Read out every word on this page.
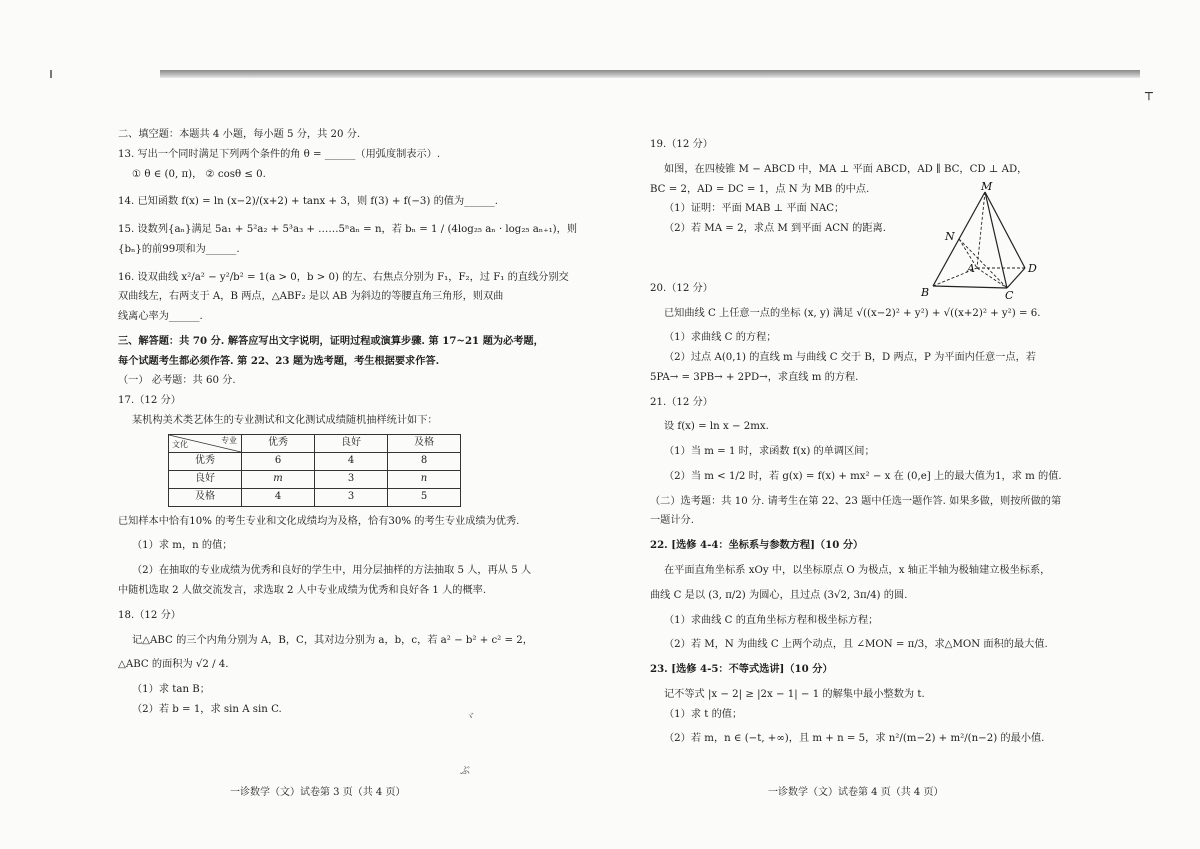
┬

二、填空题：本题共 4 小题，每小题 5 分，共 20 分.

13. 写出一个同时满足下列两个条件的角 θ = ______（用弧度制表示）.

① θ ∈ (0, π)， ② cosθ ≤ 0.

14. 已知函数 f(x) = ln (x−2)/(x+2) + tanx + 3，则 f(3) + f(−3) 的值为______.

15. 设数列{aₙ}满足 5a₁ + 5²a₂ + 5³a₃ + ……5ⁿaₙ = n，若 bₙ = 1 / (4log₂₅ aₙ · log₂₅ aₙ₊₁)，则

{bₙ}的前99项和为______.

16. 设双曲线 x²/a² − y²/b² = 1(a > 0，b > 0) 的左、右焦点分别为 F₁，F₂，过 F₁ 的直线分别交

双曲线左，右两支于 A，B 两点，△ABF₂ 是以 AB 为斜边的等腰直角三角形，则双曲

线离心率为______.

三、解答题：共 70 分. 解答应写出文字说明，证明过程或演算步骤. 第 17~21 题为必考题，

每个试题考生都必须作答. 第 22、23 题为选考题，考生根据要求作答.

（一） 必考题：共 60 分.

17.（12 分）

某机构美术类艺体生的专业测试和文化测试成绩随机抽样统计如下：

专业
文化	优秀	良好	及格
优秀	6	4	8
良好	m	3	n
及格	4	3	5

已知样本中恰有10% 的考生专业和文化成绩均为及格，恰有30% 的考生专业成绩为优秀.

（1）求 m，n 的值；

（2）在抽取的专业成绩为优秀和良好的学生中，用分层抽样的方法抽取 5 人，再从 5 人

中随机选取 2 人做交流发言，求选取 2 人中专业成绩为优秀和良好各 1 人的概率.

18.（12 分）

记△ABC 的三个内角分别为 A，B，C，其对边分别为 a，b，c，若 a² − b² + c² = 2，

△ABC 的面积为 √2 / 4.

（1）求 tan B；

（2）若 b = 1，求 sin A sin C.

ヾ
ぶ
一诊数学（文）试卷第 3 页（共 4 页）

19.（12 分）

如图，在四棱锥 M − ABCD 中，MA ⊥ 平面 ABCD，AD ∥ BC，CD ⊥ AD，

BC = 2，AD = DC = 1，点 N 为 MB 的中点.

（1）证明：平面 MAB ⊥ 平面 NAC；

（2）若 MA = 2，求点 M 到平面 ACN 的距离.

20.（12 分）

已知曲线 C 上任意一点的坐标 (x, y) 满足 √((x−2)² + y²) + √((x+2)² + y²) = 6.

（1）求曲线 C 的方程；

（2）过点 A(0,1) 的直线 m 与曲线 C 交于 B，D 两点，P 为平面内任意一点，若

5PA→ = 3PB→ + 2PD→，求直线 m 的方程.

21.（12 分）

设 f(x) = ln x − 2mx.

（1）当 m = 1 时，求函数 f(x) 的单调区间；

（2）当 m < 1/2 时，若 g(x) = f(x) + mx² − x 在 (0,e] 上的最大值为1，求 m 的值.

（二）选考题：共 10 分. 请考生在第 22、23 题中任选一题作答. 如果多做，则按所做的第

一题计分.

22. [选修 4-4：坐标系与参数方程]（10 分）

在平面直角坐标系 xOy 中，以坐标原点 O 为极点，x 轴正半轴为极轴建立极坐标系，

曲线 C 是以 (3, π/2) 为圆心，且过点 (3√2, 3π/4) 的圆.

（1）求曲线 C 的直角坐标方程和极坐标方程；

（2）若 M，N 为曲线 C 上两个动点，且 ∠MON = π/3，求△MON 面积的最大值.

23. [选修 4-5：不等式选讲]（10 分）

记不等式 |x − 2| ≥ |2x − 1| − 1 的解集中最小整数为 t.

（1）求 t 的值；

（2）若 m，n ∈ (−t, +∞)，且 m + n = 5，求 n²/(m−2) + m²/(n−2) 的最小值.

M
N
A
B	C
D
一诊数学（文）试卷第 4 页（共 4 页）
